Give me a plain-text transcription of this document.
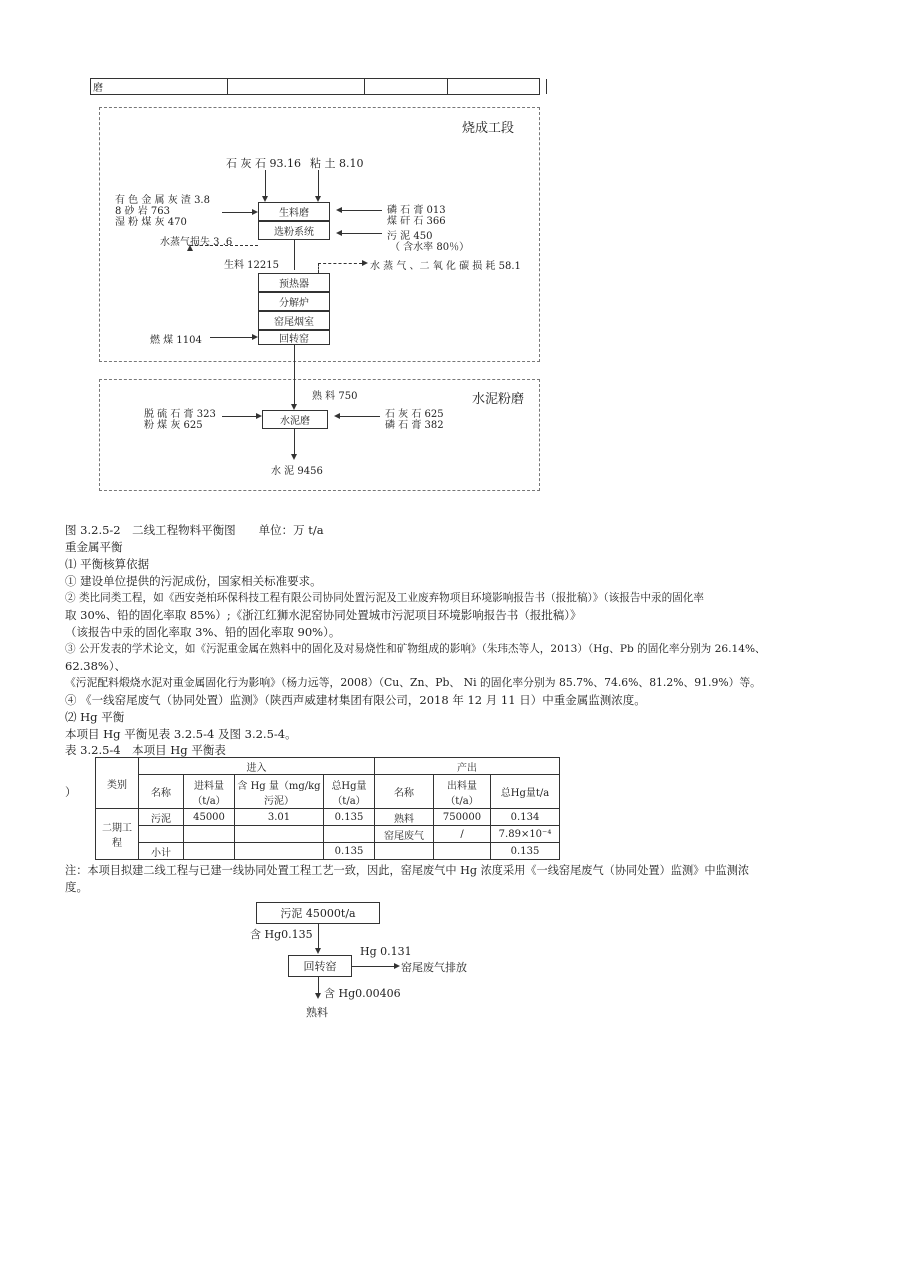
磨
烧成工段
石 灰 石 93.16 粘 土 8.10
生料磨
选粉系统
有 色 金 属 灰 渣 3.8
8 砂 岩 763
湿 粉 煤 灰 470
磷 石 膏 013
煤 矸 石 366
污 泥 450
（ 含水率 80％）
水蒸气损失 3 .6
生料 12215	水 蒸 气 、二 氧 化 碳 损 耗 58.1
预热器
分解炉
窑尾烟室
回转窑
燃 煤 1104
水泥粉磨
熟 料 750
水泥磨
脱 硫 石 膏 323
粉 煤 灰 625
石 灰 石 625
磷 石 膏 382
水 泥 9456
图 3.2.5-2　二线工程物料平衡图　　单位：万 t/a
重金属平衡
⑴ 平衡核算依据
① 建设单位提供的污泥成份，国家相关标准要求。
② 类比同类工程，如《西安尧柏环保科技工程有限公司协同处置污泥及工业废弃物项目环境影响报告书（报批稿）》（该报告中汞的固化率
取 30%、铅的固化率取 85%）;《浙江红狮水泥窑协同处置城市污泥项目环境影响报告书（报批稿）》
（该报告中汞的固化率取 3%、铅的固化率取 90%）。
③ 公开发表的学术论文，如《污泥重金属在熟料中的固化及对易烧性和矿物组成的影响》（朱玮杰等人，2013）（Hg、Pb 的固化率分别为 26.14%、
62.38%）、
《污泥配料煅烧水泥对重金属固化行为影响》（杨力远等，2008）（Cu、Zn、Pb、 Ni 的固化率分别为 85.7%、74.6%、81.2%、91.9%）等。
④ 《一线窑尾废气（协同处置）监测》（陕西声威建材集团有限公司，2018 年 12 月 11 日）中重金属监测浓度。
⑵ Hg 平衡
本项目 Hg 平衡见表 3.2.5-4 及图 3.2.5-4。
表 3.2.5-4　本项目 Hg 平衡表
）	类别	进入				产出		
	名称	进料量（t/a）	含 Hg 量（mg/kg 污泥）	总Hg量（t/a）	名称	出料量（t/a）	总Hg量t/a
二期工程	污泥	45000	3.01	0.135	熟料	750000	0.134
					窑尾废气	/	7.89×10⁻⁴
	小计			0.135			0.135
注：本项目拟建二线工程与已建一线协同处置工程工艺一致，因此，窑尾废气中 Hg 浓度采用《一线窑尾废气（协同处置）监测》中监测浓
度。
污泥 45000t/a
含 Hg0.135
回转窑
Hg 0.131
窑尾废气排放
含 Hg0.00406
熟料
